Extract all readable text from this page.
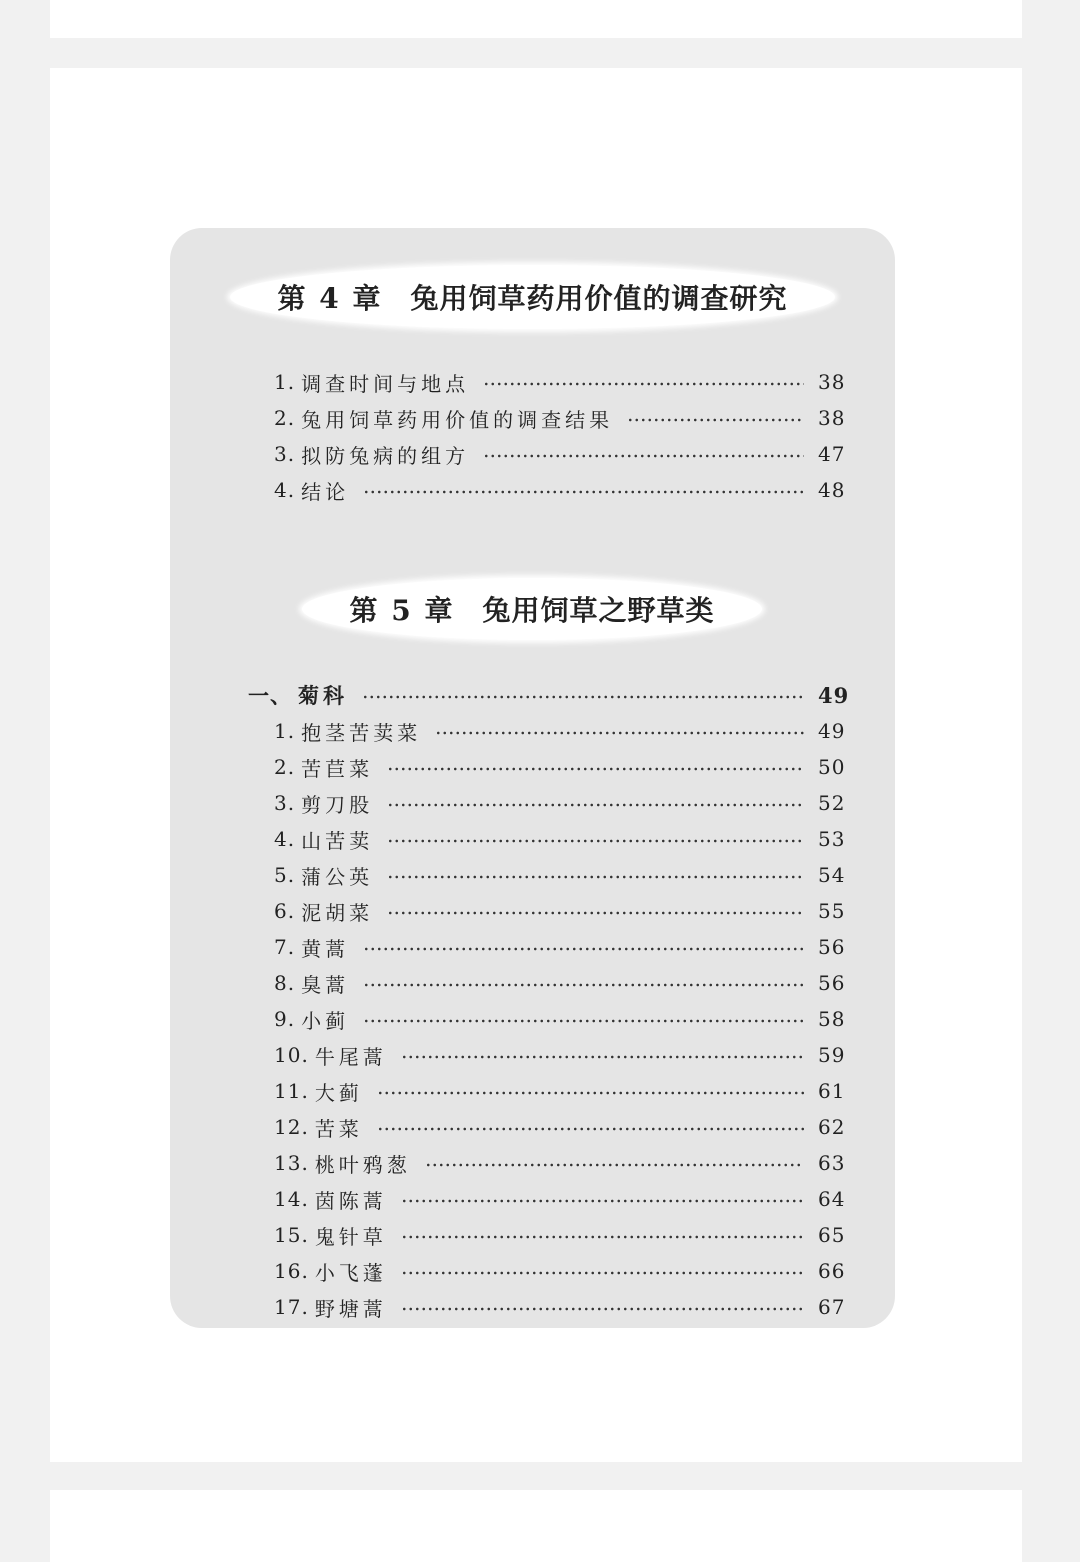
第 4 章 兔用饲草药用价值的调查研究
1. 调查时间与地点	38
2. 兔用饲草药用价值的调查结果	38
3. 拟防兔病的组方	47
4. 结论	48
第 5 章 兔用饲草之野草类
一、 菊科	49
1. 抱茎苦荬菜	49
2. 苦苣菜	50
3. 剪刀股	52
4. 山苦荬	53
5. 蒲公英	54
6. 泥胡菜	55
7. 黄蒿	56
8. 臭蒿	56
9. 小蓟	58
10. 牛尾蒿	59
11. 大蓟	61
12. 苦菜	62
13. 桃叶鸦葱	63
14. 茵陈蒿	64
15. 鬼针草	65
16. 小飞蓬	66
17. 野塘蒿	67
